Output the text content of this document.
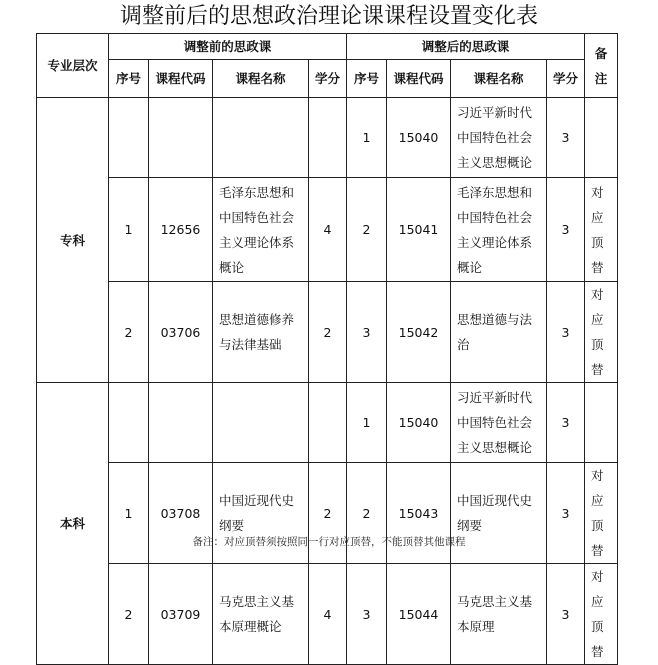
调整前后的思想政治理论课课程设置变化表
专业层次	调整前的思政课				调整后的思政课				备注
	序号	课程代码	课程名称	学分	序号	课程代码	课程名称	学分	
专科					1	15040	习近平新时代中国特色社会主义思想概论	3	
	1	12656	毛泽东思想和中国特色社会主义理论体系概论	4	2	15041	毛泽东思想和中国特色社会主义理论体系概论	3	对应顶替
	2	03706	思想道德修养与法律基础	2	3	15042	思想道德与法治	3	对应顶替
本科					1	15040	习近平新时代中国特色社会主义思想概论	3	
	1	03708	中国近现代史纲要	2	2	15043	中国近现代史纲要	3	对应顶替
	2	03709	马克思主义基本原理概论	4	3	15044	马克思主义基本原理	3	对应顶替
备注：对应顶替须按照同一行对应顶替，不能顶替其他课程
